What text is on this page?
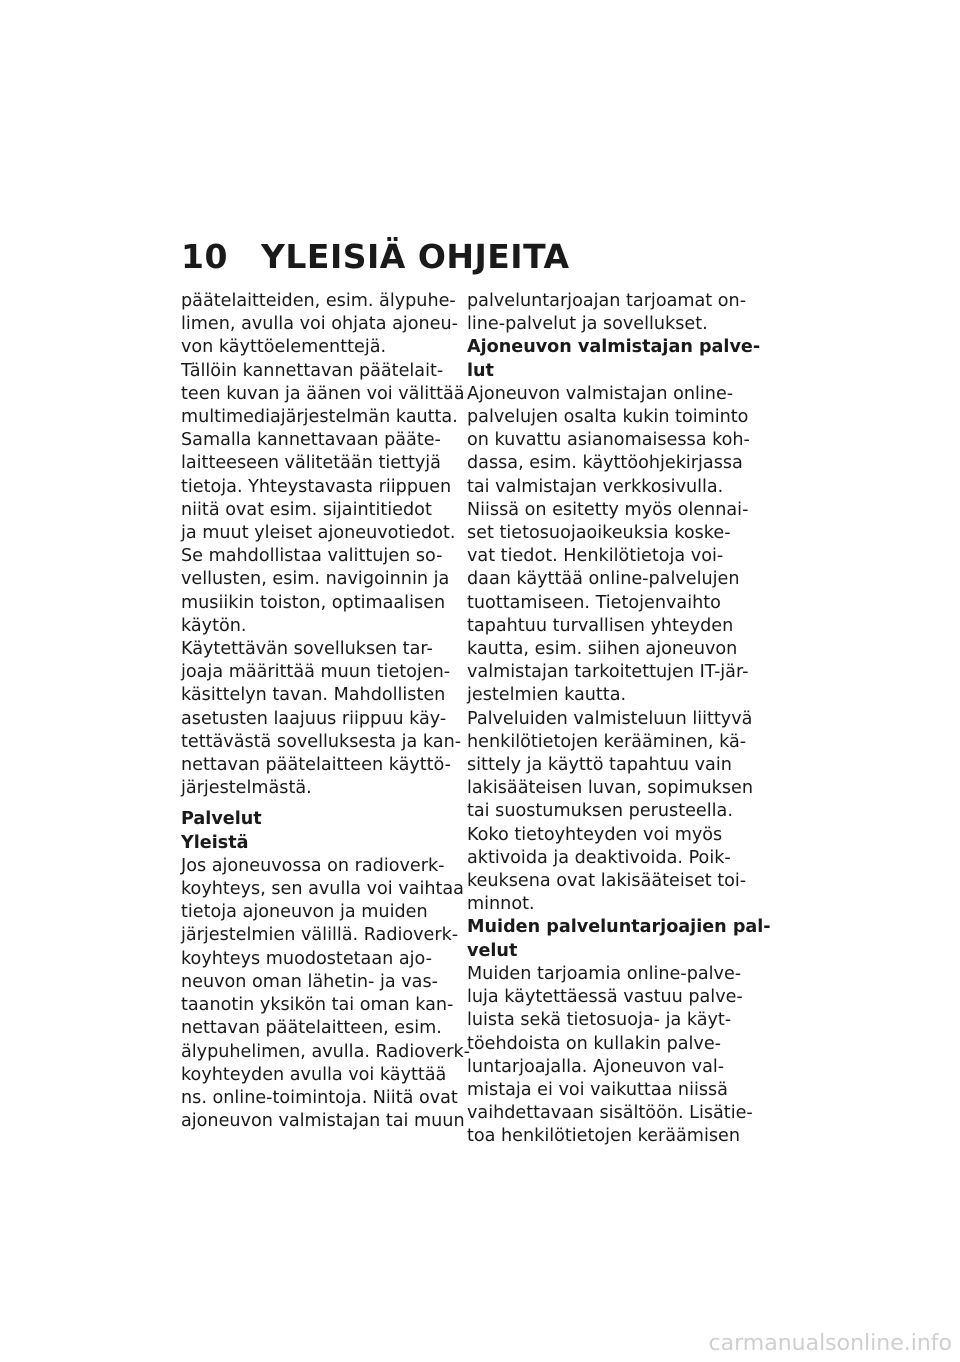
10 YLEISIÄ OHJEITA
päätelaitteiden, esim. älypuhe-
limen, avulla voi ohjata ajoneu-
von käyttöelementtejä.
Tällöin kannettavan päätelait-
teen kuvan ja äänen voi välittää
multimediajärjestelmän kautta.
Samalla kannettavaan pääte-
laitteeseen välitetään tiettyjä
tietoja. Yhteystavasta riippuen
niitä ovat esim. sijaintitiedot
ja muut yleiset ajoneuvotiedot.
Se mahdollistaa valittujen so-
vellusten, esim. navigoinnin ja
musiikin toiston, optimaalisen
käytön.
Käytettävän sovelluksen tar-
joaja määrittää muun tietojen-
käsittelyn tavan. Mahdollisten
asetusten laajuus riippuu käy-
tettävästä sovelluksesta ja kan-
nettavan päätelaitteen käyttö-
järjestelmästä.
Palvelut
Yleistä
Jos ajoneuvossa on radioverk-
koyhteys, sen avulla voi vaihtaa
tietoja ajoneuvon ja muiden
järjestelmien välillä. Radioverk-
koyhteys muodostetaan ajo-
neuvon oman lähetin- ja vas-
taanotin yksikön tai oman kan-
nettavan päätelaitteen, esim.
älypuhelimen, avulla. Radioverk-
koyhteyden avulla voi käyttää
ns. online-toimintoja. Niitä ovat
ajoneuvon valmistajan tai muun
palveluntarjoajan tarjoamat on-
line-palvelut ja sovellukset.
Ajoneuvon valmistajan palve-
lut
Ajoneuvon valmistajan online-
palvelujen osalta kukin toiminto
on kuvattu asianomaisessa koh-
dassa, esim. käyttöohjekirjassa
tai valmistajan verkkosivulla.
Niissä on esitetty myös olennai-
set tietosuojaoikeuksia koske-
vat tiedot. Henkilötietoja voi-
daan käyttää online-palvelujen
tuottamiseen. Tietojenvaihto
tapahtuu turvallisen yhteyden
kautta, esim. siihen ajoneuvon
valmistajan tarkoitettujen IT-jär-
jestelmien kautta.
Palveluiden valmisteluun liittyvä
henkilötietojen kerääminen, kä-
sittely ja käyttö tapahtuu vain
lakisääteisen luvan, sopimuksen
tai suostumuksen perusteella.
Koko tietoyhteyden voi myös
aktivoida ja deaktivoida. Poik-
keuksena ovat lakisääteiset toi-
minnot.
Muiden palveluntarjoajien pal-
velut
Muiden tarjoamia online-palve-
luja käytettäessä vastuu palve-
luista sekä tietosuoja- ja käyt-
töehdoista on kullakin palve-
luntarjoajalla. Ajoneuvon val-
mistaja ei voi vaikuttaa niissä
vaihdettavaan sisältöön. Lisätie-
toa henkilötietojen keräämisen
carmanualsonline.info
